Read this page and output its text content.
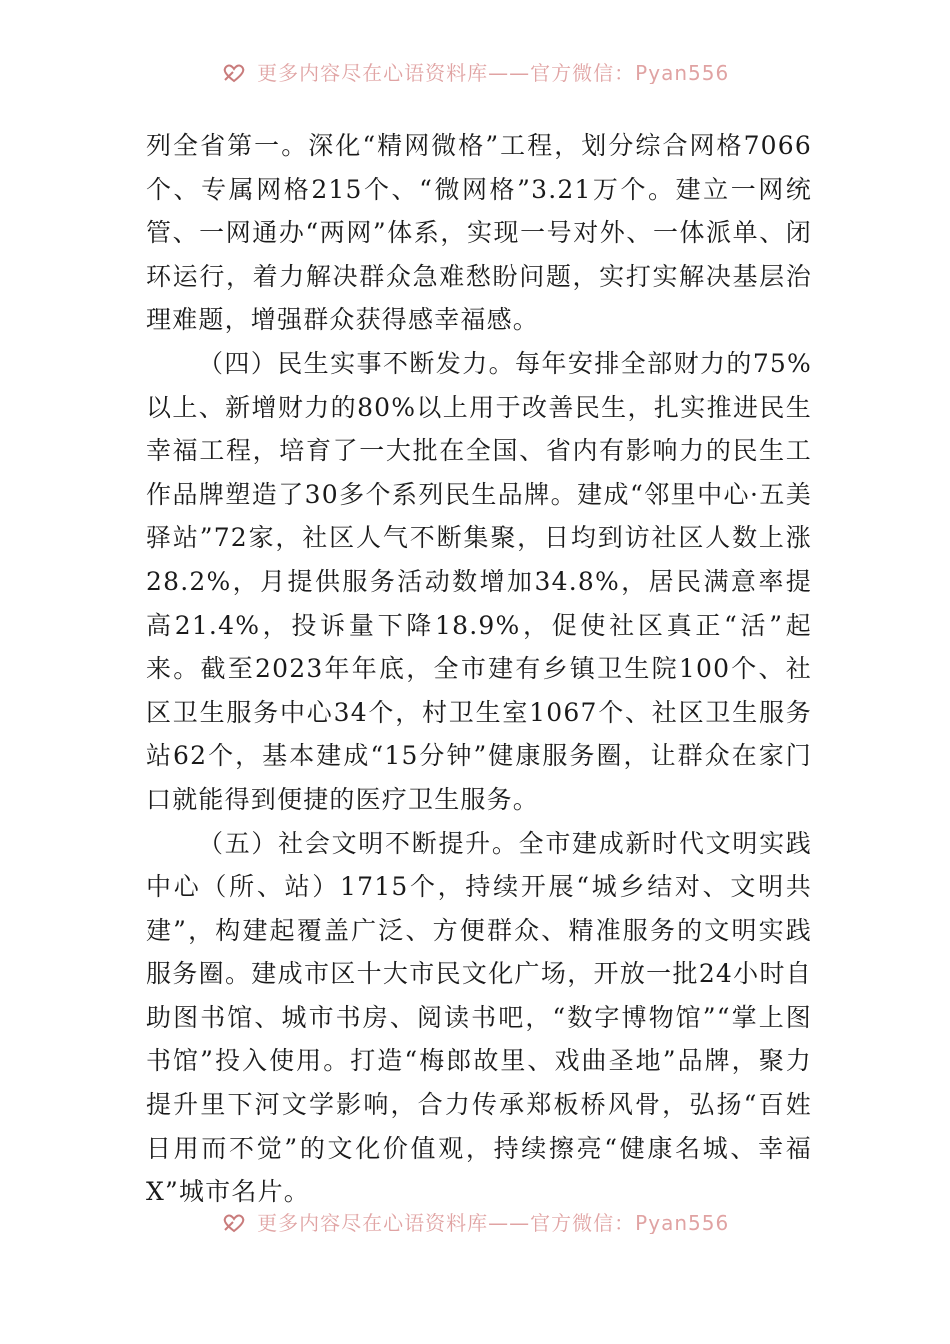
更多内容尽在心语资料库——官方微信：Pyan556

列全省第一。深化“精网微格”工程，划分综合网格7066个、专属网格215个、“微网格”3.21万个。建立一网统管、一网通办“两网”体系，实现一号对外、一体派单、闭环运行，着力解决群众急难愁盼问题，实打实解决基层治理难题，增强群众获得感幸福感。

（四）民生实事不断发力。每年安排全部财力的75%以上、新增财力的80%以上用于改善民生，扎实推进民生幸福工程，培育了一大批在全国、省内有影响力的民生工作品牌塑造了30多个系列民生品牌。建成“邻里中心·五美驿站”72家，社区人气不断集聚，日均到访社区人数上涨28.2%，月提供服务活动数增加34.8%，居民满意率提高21.4%，投诉量下降18.9%，促使社区真正“活”起来。截至2023年年底，全市建有乡镇卫生院100个、社区卫生服务中心34个，村卫生室1067个、社区卫生服务站62个，基本建成“15分钟”健康服务圈，让群众在家门口就能得到便捷的医疗卫生服务。

（五）社会文明不断提升。全市建成新时代文明实践中心（所、站）1715个，持续开展“城乡结对、文明共建”，构建起覆盖广泛、方便群众、精准服务的文明实践服务圈。建成市区十大市民文化广场，开放一批24小时自助图书馆、城市书房、阅读书吧，“数字博物馆”“掌上图书馆”投入使用。打造“梅郎故里、戏曲圣地”品牌，聚力提升里下河文学影响，合力传承郑板桥风骨，弘扬“百姓日用而不觉”的文化价值观，持续擦亮“健康名城、幸福X”城市名片。

更多内容尽在心语资料库——官方微信：Pyan556
